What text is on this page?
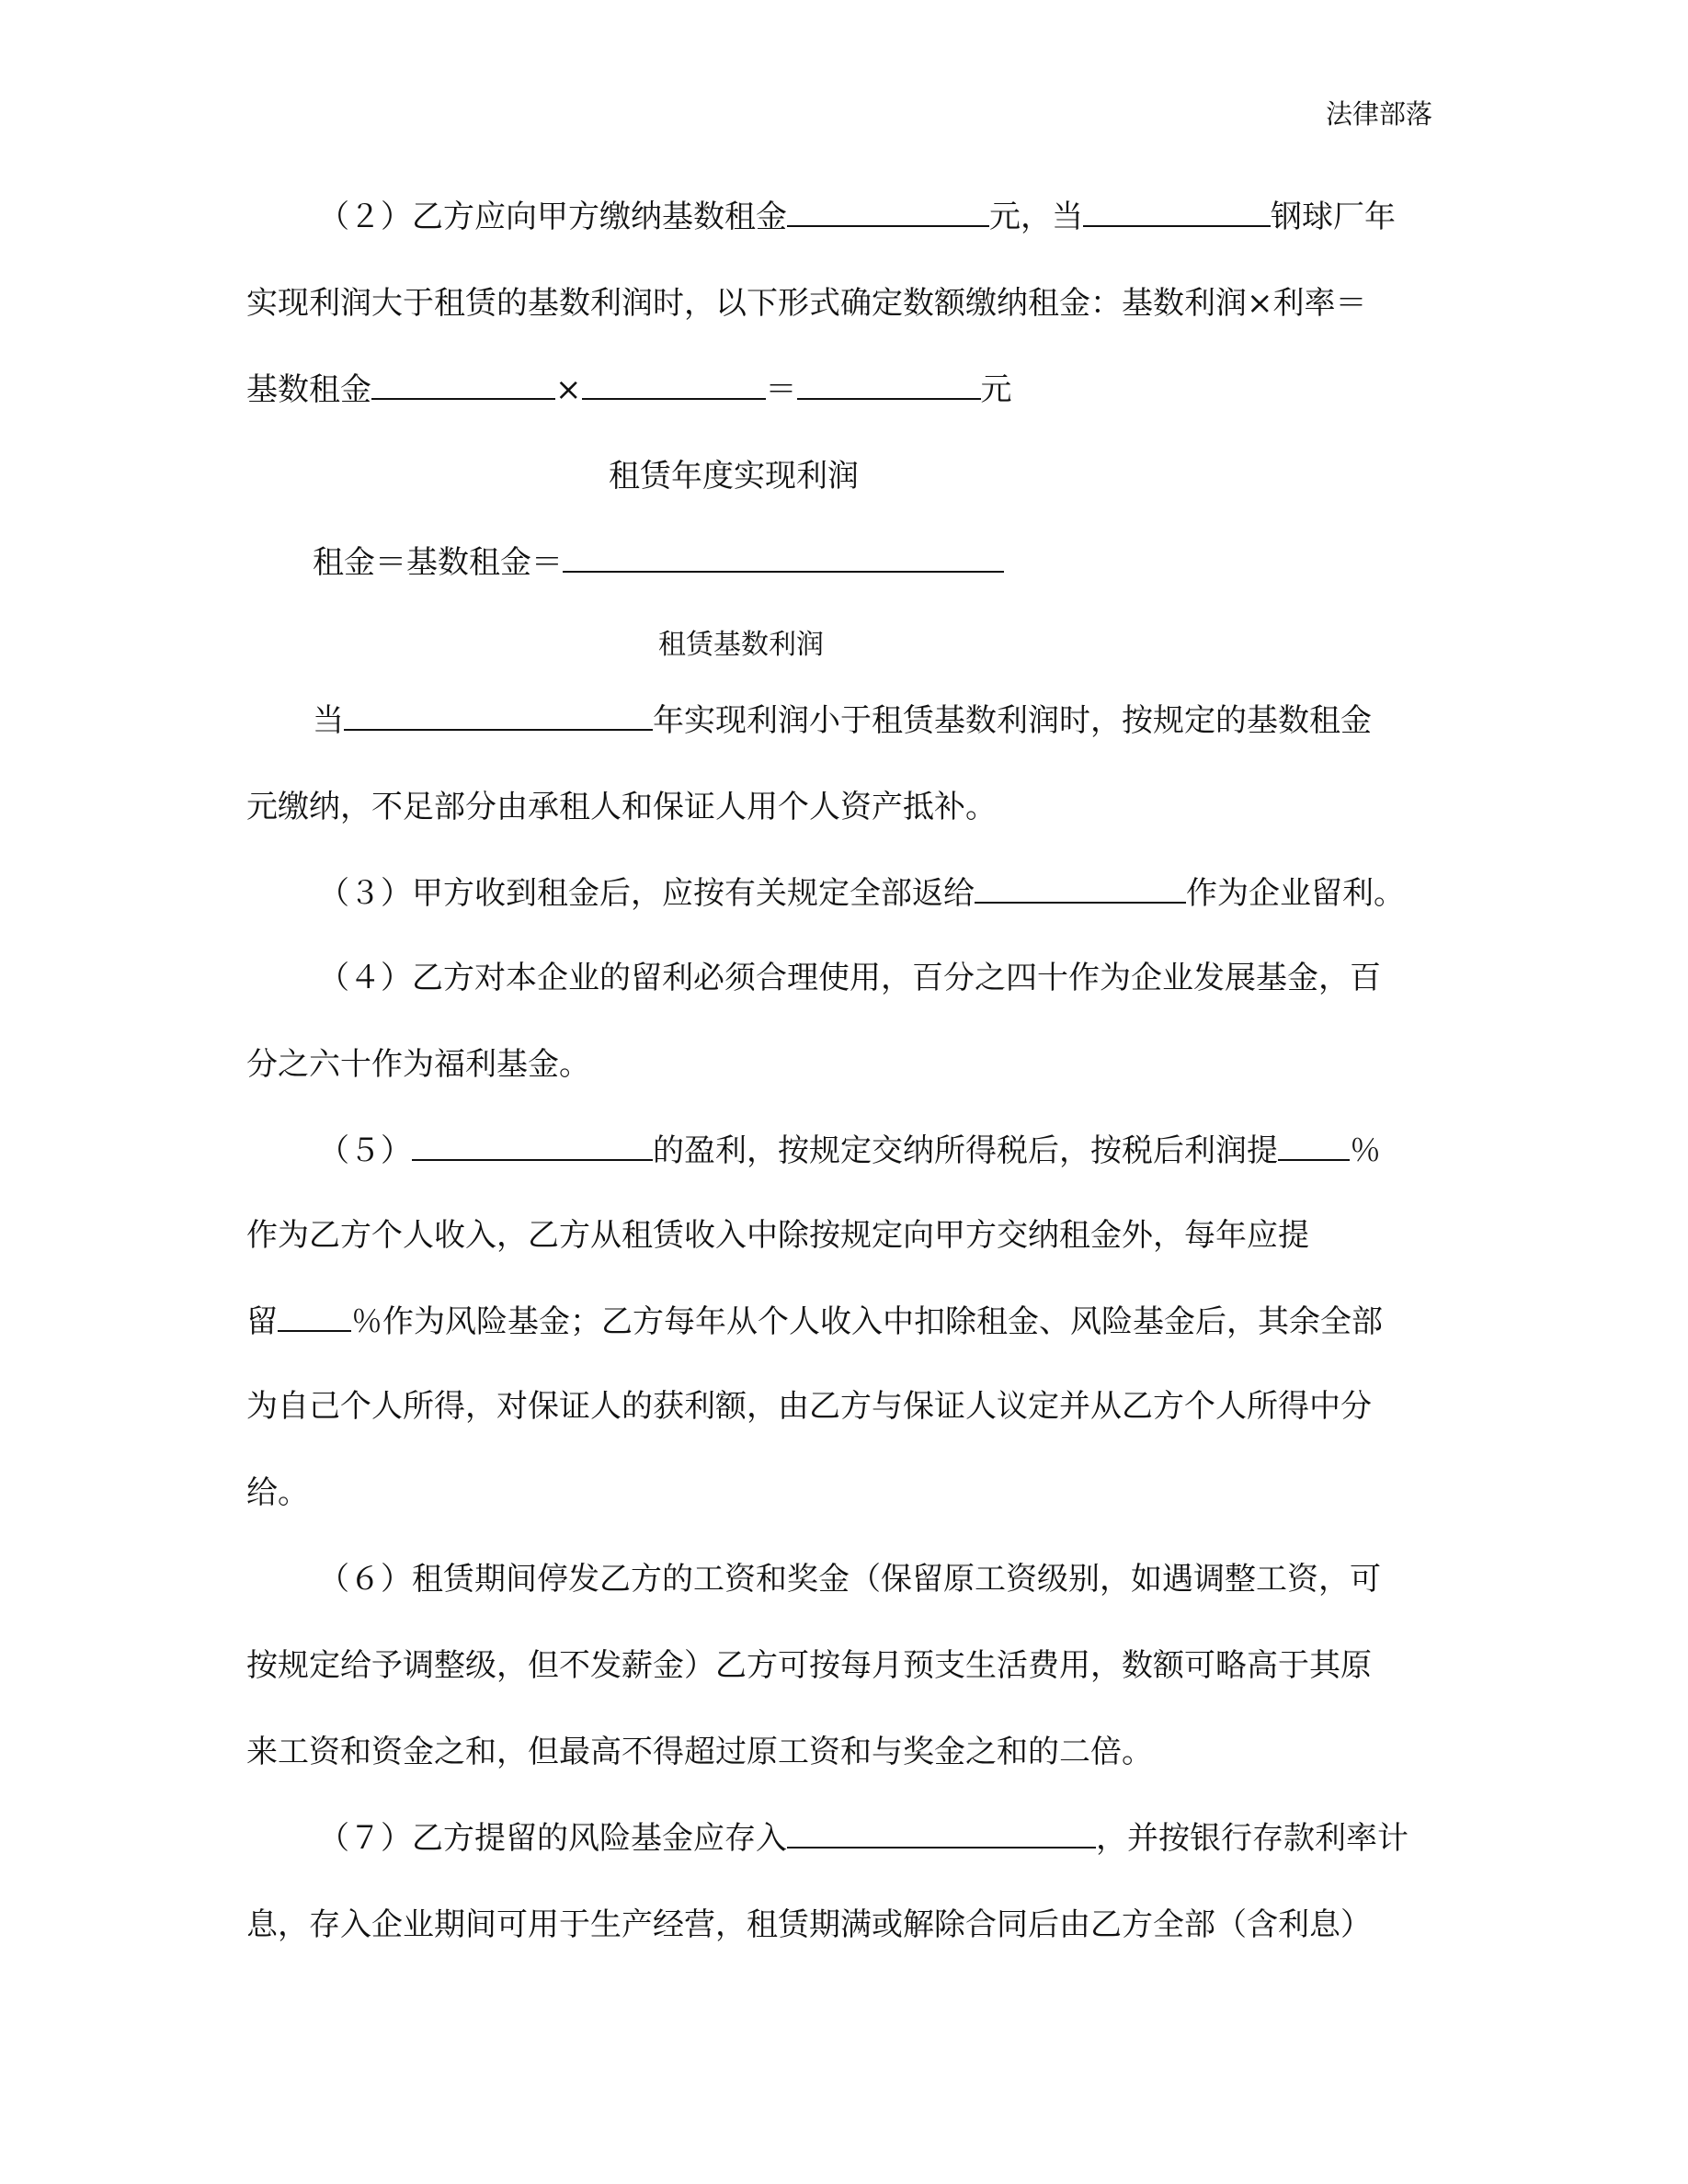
法律部落
（２）乙方应向甲方缴纳基数租金	元，当	钢球厂年
实现利润大于租赁的基数利润时，以下形式确定数额缴纳租金：基数利润×利率＝
基数租金	×	＝	元
租赁年度实现利润
租金＝基数租金＝
租赁基数利润
当	年实现利润小于租赁基数利润时，按规定的基数租金
元缴纳，不足部分由承租人和保证人用个人资产抵补。
（３）甲方收到租金后，应按有关规定全部返给	作为企业留利。
（４）乙方对本企业的留利必须合理使用，百分之四十作为企业发展基金，百
分之六十作为福利基金。
（５）	的盈利，按规定交纳所得税后，按税后利润提 ％
作为乙方个人收入，乙方从租赁收入中除按规定向甲方交纳租金外，每年应提
留 ％作为风险基金；乙方每年从个人收入中扣除租金、风险基金后，其余全部
为自己个人所得，对保证人的获利额，由乙方与保证人议定并从乙方个人所得中分
给。
（６）租赁期间停发乙方的工资和奖金（保留原工资级别，如遇调整工资，可
按规定给予调整级，但不发薪金）乙方可按每月预支生活费用，数额可略高于其原
来工资和资金之和，但最高不得超过原工资和与奖金之和的二倍。
（７）乙方提留的风险基金应存入	，并按银行存款利率计
息，存入企业期间可用于生产经营，租赁期满或解除合同后由乙方全部（含利息）
